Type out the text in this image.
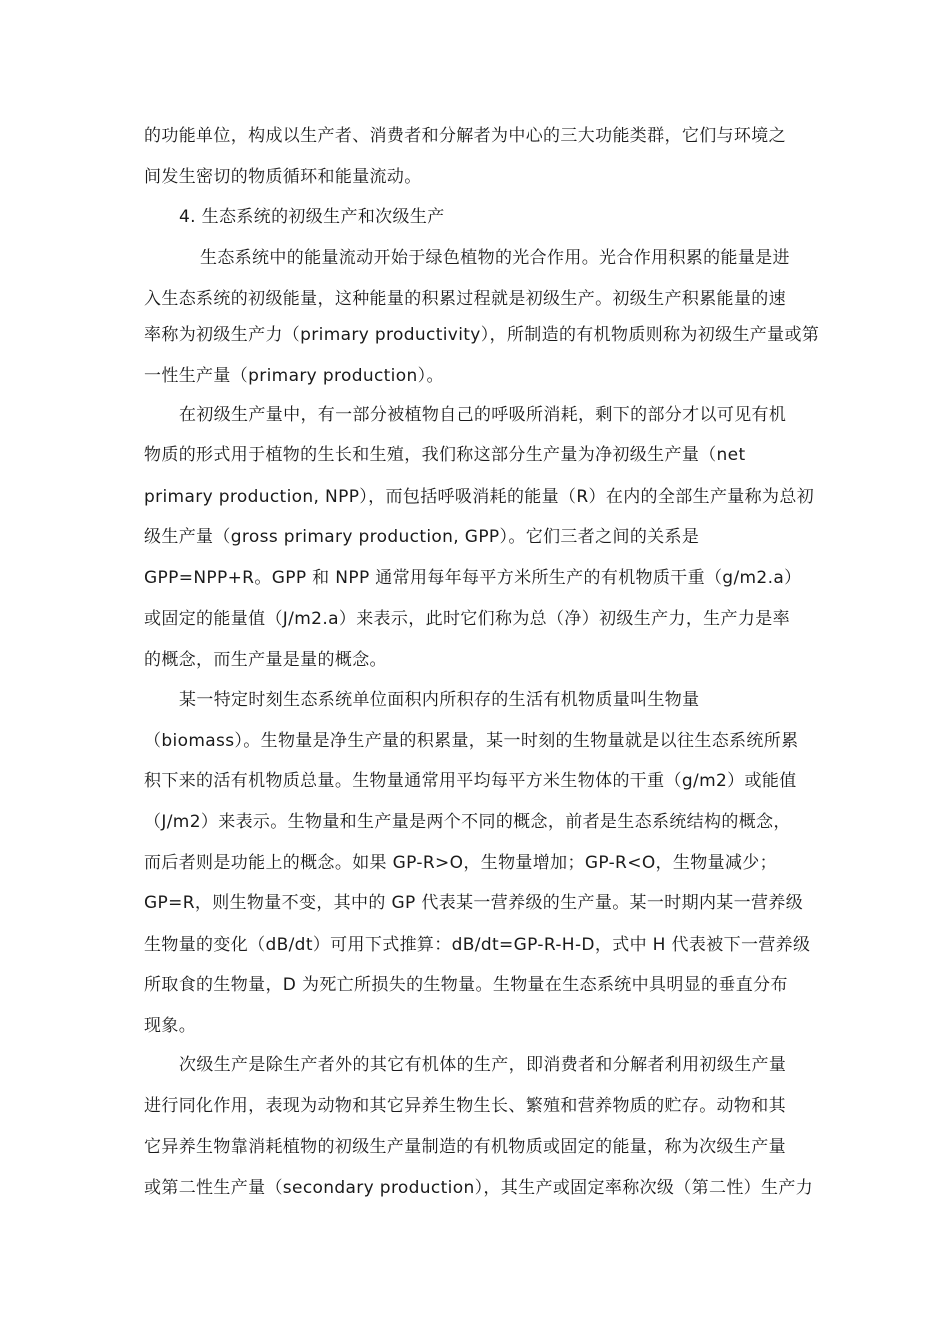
的功能单位，构成以生产者、消费者和分解者为中心的三大功能类群，它们与环境之
间发生密切的物质循环和能量流动。
4. 生态系统的初级生产和次级生产
生态系统中的能量流动开始于绿色植物的光合作用。光合作用积累的能量是进
入生态系统的初级能量，这种能量的积累过程就是初级生产。初级生产积累能量的速
率称为初级生产力（primary productivity），所制造的有机物质则称为初级生产量或第
一性生产量（primary production）。
在初级生产量中，有一部分被植物自己的呼吸所消耗，剩下的部分才以可见有机
物质的形式用于植物的生长和生殖，我们称这部分生产量为净初级生产量（net
primary production, NPP），而包括呼吸消耗的能量（R）在内的全部生产量称为总初
级生产量（gross primary production, GPP）。它们三者之间的关系是
GPP=NPP+R。GPP 和 NPP 通常用每年每平方米所生产的有机物质干重（g/m2.a）
或固定的能量值（J/m2.a）来表示，此时它们称为总（净）初级生产力，生产力是率
的概念，而生产量是量的概念。
某一特定时刻生态系统单位面积内所积存的生活有机物质量叫生物量
（biomass）。生物量是净生产量的积累量，某一时刻的生物量就是以往生态系统所累
积下来的活有机物质总量。生物量通常用平均每平方米生物体的干重（g/m2）或能值
（J/m2）来表示。生物量和生产量是两个不同的概念，前者是生态系统结构的概念，
而后者则是功能上的概念。如果 GP-R>O，生物量增加；GP-R<O，生物量减少；
GP=R，则生物量不变，其中的 GP 代表某一营养级的生产量。某一时期内某一营养级
生物量的变化（dB/dt）可用下式推算：dB/dt=GP-R-H-D，式中 H 代表被下一营养级
所取食的生物量，D 为死亡所损失的生物量。生物量在生态系统中具明显的垂直分布
现象。
次级生产是除生产者外的其它有机体的生产，即消费者和分解者利用初级生产量
进行同化作用，表现为动物和其它异养生物生长、繁殖和营养物质的贮存。动物和其
它异养生物靠消耗植物的初级生产量制造的有机物质或固定的能量，称为次级生产量
或第二性生产量（secondary production），其生产或固定率称次级（第二性）生产力
